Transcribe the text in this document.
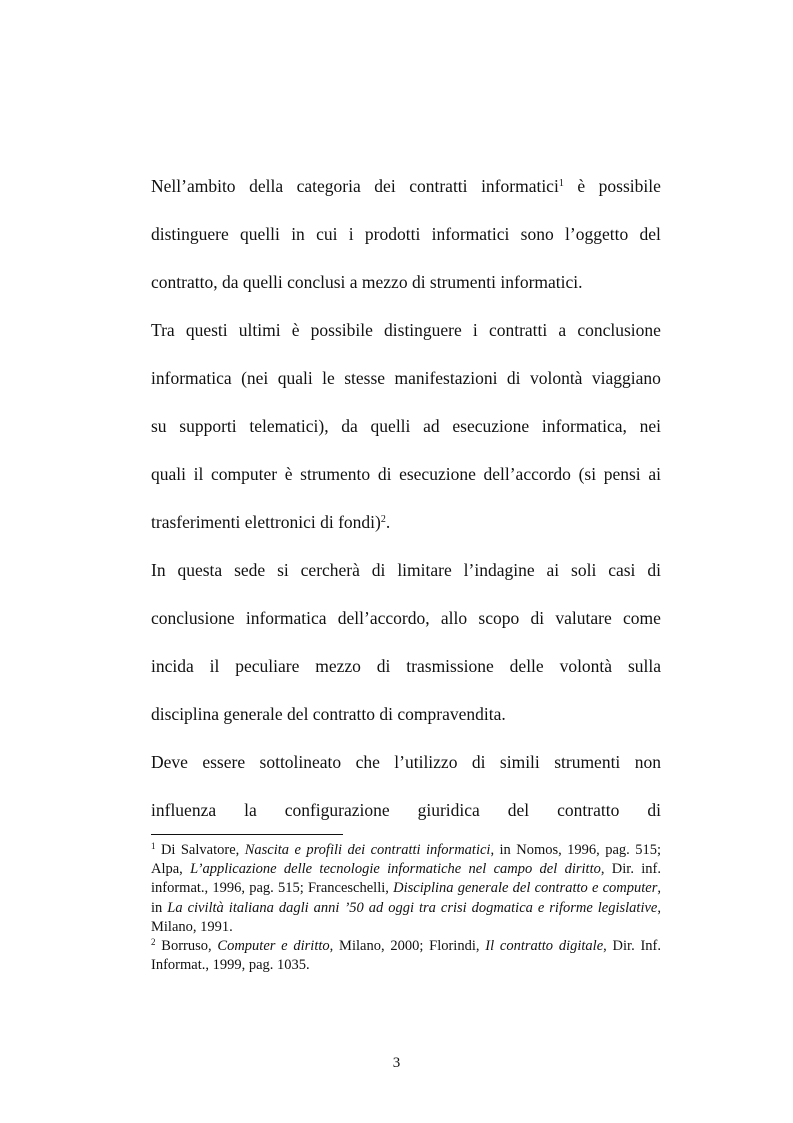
Nell’ambito della categoria dei contratti informatici$^1$ è possibile
distinguere quelli in cui i prodotti informatici sono l’oggetto del
contratto, da quelli conclusi a mezzo di strumenti informatici.
Tra questi ultimi è possibile distinguere i contratti a conclusione
informatica (nei quali le stesse manifestazioni di volontà viaggiano
su supporti telematici), da quelli ad esecuzione informatica, nei
quali il computer è strumento di esecuzione dell’accordo (si pensi ai
trasferimenti elettronici di fondi)$^2$.
In questa sede si cercherà di limitare l’indagine ai soli casi di
conclusione informatica dell’accordo, allo scopo di valutare come
incida il peculiare mezzo di trasmissione delle volontà sulla
disciplina generale del contratto di compravendita.
Deve essere sottolineato che l’utilizzo di simili strumenti non
influenza la configurazione giuridica del contratto di

$^1$ Di Salvatore, Nascita e profili dei contratti informatici, in Nomos, 1996, pag. 515; Alpa, L’applicazione delle tecnologie informatiche nel campo del diritto, Dir. inf. informat., 1996, pag. 515; Franceschelli, Disciplina generale del contratto e computer, in La civiltà italiana dagli anni ’50 ad oggi tra crisi dogmatica e riforme legislative, Milano, 1991.

$^2$ Borruso, Computer e diritto, Milano, 2000; Florindi, Il contratto digitale, Dir. Inf. Informat., 1999, pag. 1035.

3
